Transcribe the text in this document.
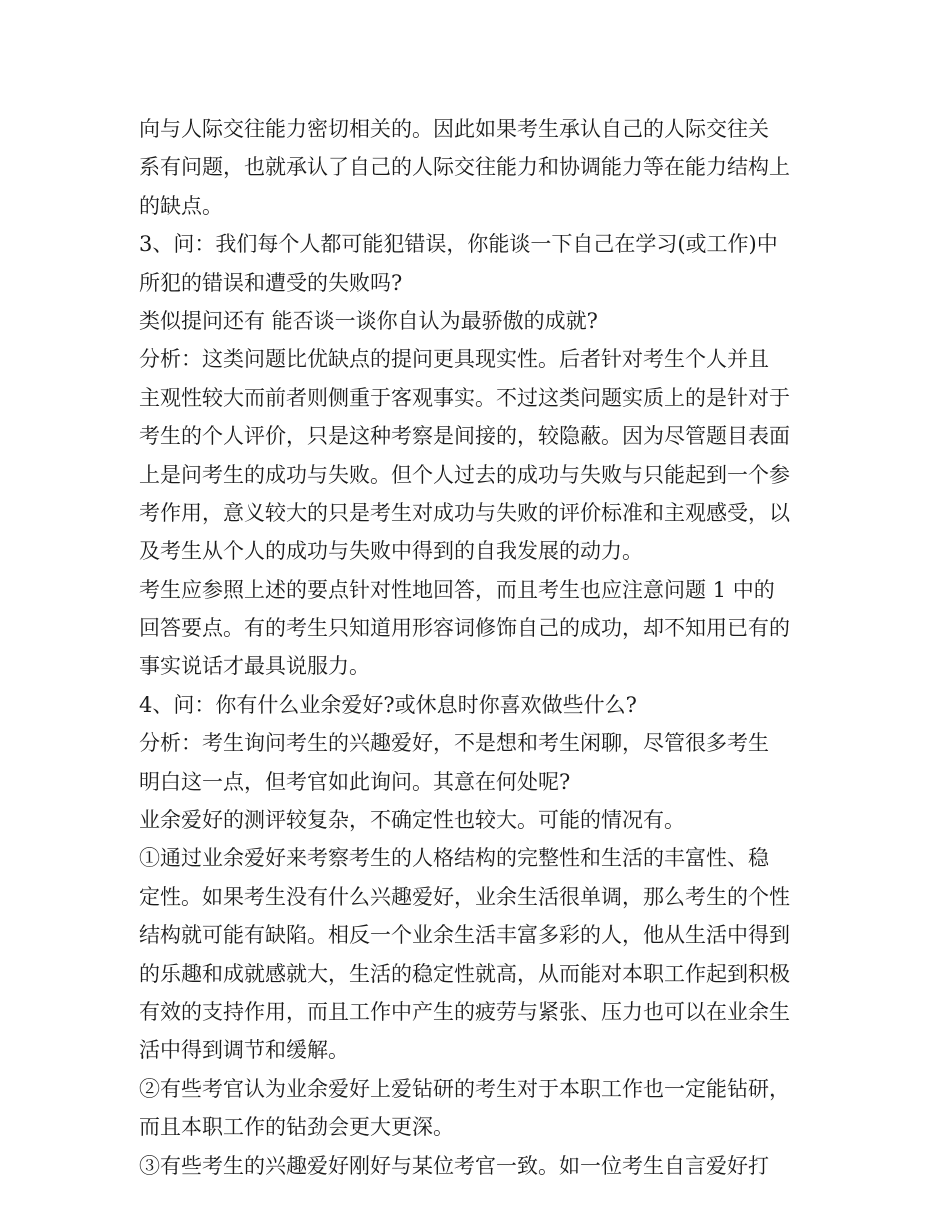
向与人际交往能力密切相关的。因此如果考生承认自己的人际交往关
系有问题，也就承认了自己的人际交往能力和协调能力等在能力结构上
的缺点。
3、问：我们每个人都可能犯错误，你能谈一下自己在学习(或工作)中
所犯的错误和遭受的失败吗?
类似提问还有 能否谈一谈你自认为最骄傲的成就?
分析：这类问题比优缺点的提问更具现实性。后者针对考生个人并且
主观性较大而前者则侧重于客观事实。不过这类问题实质上的是针对于
考生的个人评价，只是这种考察是间接的，较隐蔽。因为尽管题目表面
上是问考生的成功与失败。但个人过去的成功与失败与只能起到一个参
考作用，意义较大的只是考生对成功与失败的评价标准和主观感受，以
及考生从个人的成功与失败中得到的自我发展的动力。
考生应参照上述的要点针对性地回答，而且考生也应注意问题 1 中的
回答要点。有的考生只知道用形容词修饰自己的成功，却不知用已有的
事实说话才最具说服力。
4、问：你有什么业余爱好?或休息时你喜欢做些什么?
分析：考生询问考生的兴趣爱好，不是想和考生闲聊，尽管很多考生
明白这一点，但考官如此询问。其意在何处呢?
业余爱好的测评较复杂，不确定性也较大。可能的情况有。
①通过业余爱好来考察考生的人格结构的完整性和生活的丰富性、稳
定性。如果考生没有什么兴趣爱好，业余生活很单调，那么考生的个性
结构就可能有缺陷。相反一个业余生活丰富多彩的人，他从生活中得到
的乐趣和成就感就大，生活的稳定性就高，从而能对本职工作起到积极
有效的支持作用，而且工作中产生的疲劳与紧张、压力也可以在业余生
活中得到调节和缓解。
②有些考官认为业余爱好上爱钻研的考生对于本职工作也一定能钻研，
而且本职工作的钻劲会更大更深。
③有些考生的兴趣爱好刚好与某位考官一致。如一位考生自言爱好打
